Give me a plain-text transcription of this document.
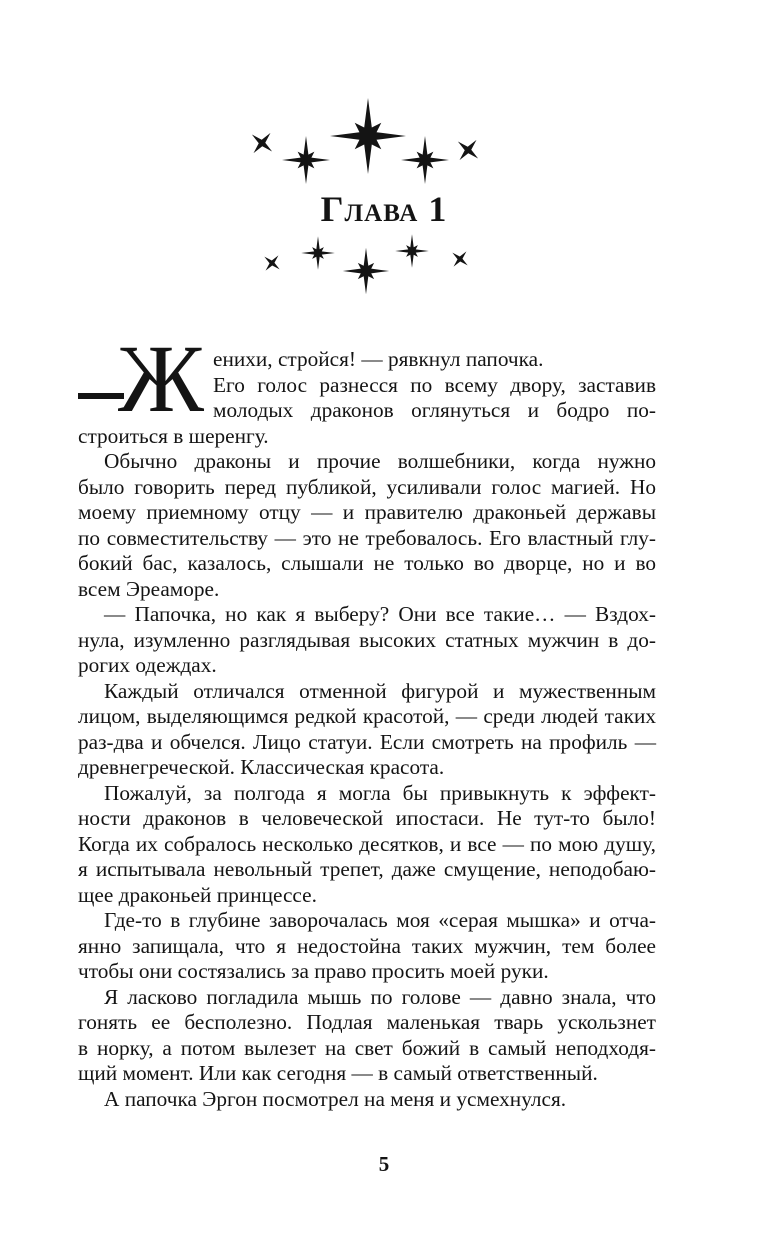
Глава 1
Ж енихи, стройся! — рявкнул папочка.
Его голос разнесся по всему двору, заставив
молодых драконов оглянуться и бодро по-
строиться в шеренгу.
Обычно драконы и прочие волшебники, когда нужно
было говорить перед публикой, усиливали голос магией. Но
моему приемному отцу — и правителю драконьей державы
по совместительству — это не требовалось. Его властный глу-
бокий бас, казалось, слышали не только во дворце, но и во
всем Эреаморе.
— Папочка, но как я выберу? Они все такие… — Вздох-
нула, изумленно разглядывая высоких статных мужчин в до-
рогих одеждах.
Каждый отличался отменной фигурой и мужественным
лицом, выделяющимся редкой красотой, — среди людей таких
раз-два и обчелся. Лицо статуи. Если смотреть на профиль —
древнегреческой. Классическая красота.
Пожалуй, за полгода я могла бы привыкнуть к эффект-
ности драконов в человеческой ипостаси. Не тут-то было!
Когда их собралось несколько десятков, и все — по мою душу,
я испытывала невольный трепет, даже смущение, неподобаю-
щее драконьей принцессе.
Где-то в глубине заворочалась моя «серая мышка» и отча-
янно запищала, что я недостойна таких мужчин, тем более
чтобы они состязались за право просить моей руки.
Я ласково погладила мышь по голове — давно знала, что
гонять ее бесполезно. Подлая маленькая тварь ускользнет
в норку, а потом вылезет на свет божий в самый неподходя-
щий момент. Или как сегодня — в самый ответственный.
А папочка Эргон посмотрел на меня и усмехнулся.
5
